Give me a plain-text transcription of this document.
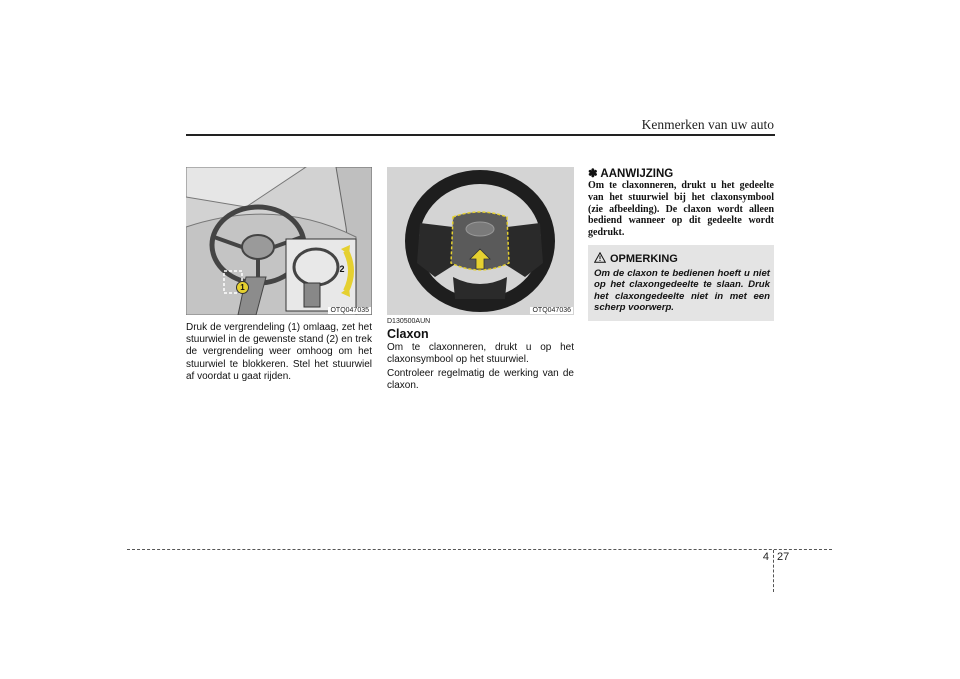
Kenmerken van uw auto
2
1
OTQ047035
Druk de vergrendeling (1) omlaag, zet het stuurwiel in de gewenste stand (2) en trek de vergrendeling weer omhoog om het stuurwiel te blokkeren. Stel het stuurwiel af voordat u gaat rijden.
OTQ047036
D130500AUN
Claxon
Om te claxonneren, drukt u op het claxonsymbool op het stuurwiel.
Controleer regelmatig de werking van de claxon.
✽ AANWIJZING
Om te claxonneren, drukt u het gedeelte van het stuurwiel bij het claxonsymbool (zie afbeelding). De claxon wordt alleen bediend wanneer op dit gedeelte wordt gedrukt.
OPMERKING
Om de claxon te bedienen hoeft u niet op het claxongedeelte te slaan. Druk het claxongedeelte niet in met een scherp voorwerp.
4 27
